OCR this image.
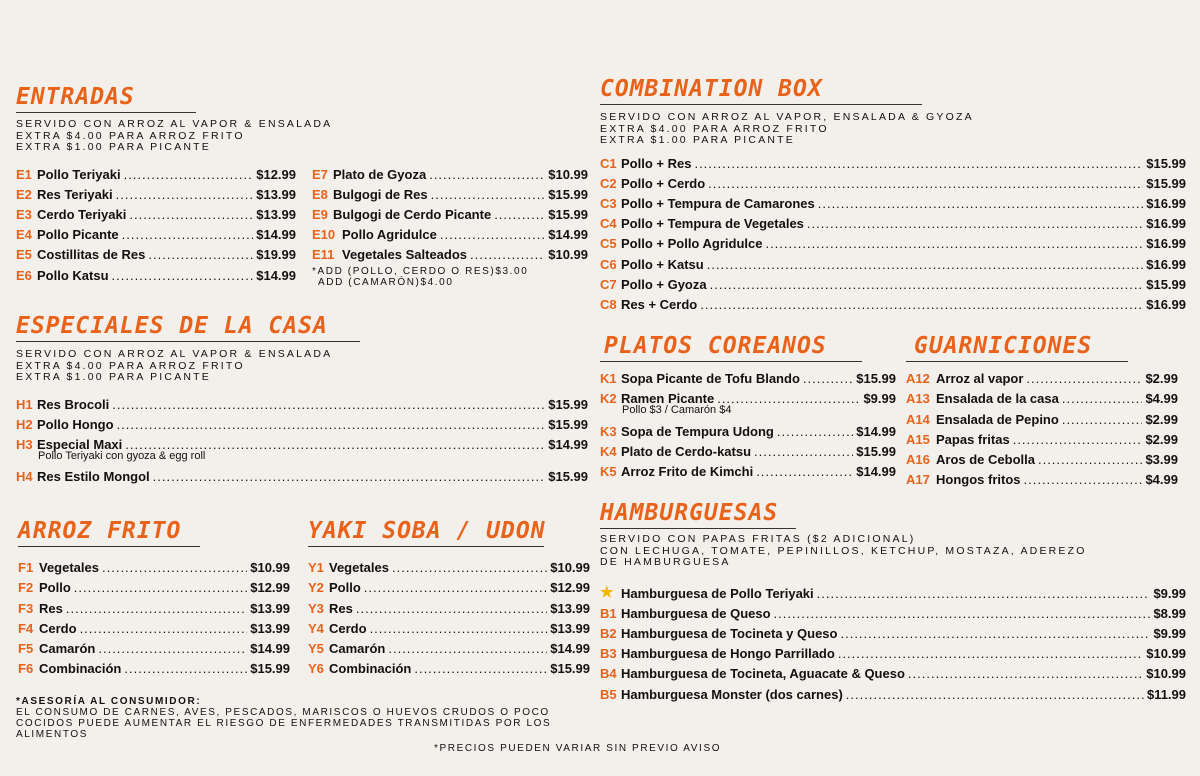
ENTRADAS
SERVIDO CON ARROZ AL VAPOR & ENSALADA
EXTRA $4.00 PARA ARROZ FRITO
EXTRA $1.00 PARA PICANTE
E1 Pollo Teriyaki .....	$12.99
E2 Res Teriyaki .....	$13.99
E3 Cerdo Teriyaki .....	$13.99
E4 Pollo Picante .....	$14.99
E5 Costillitas de Res .....	$19.99
E6 Pollo Katsu .....	$14.99
E7 Plato de Gyoza .....	$10.99
E8 Bulgogi de Res .....	$15.99
E9 Bulgogi de Cerdo Picante .....	$15.99
E10 Pollo Agridulce .....	$14.99
E11 Vegetales Salteados .....	$10.99
*ADD (POLLO, CERDO O RES)$3.00
ADD (CAMARÓN)$4.00
ESPECIALES DE LA CASA
SERVIDO CON ARROZ AL VAPOR & ENSALADA
EXTRA $4.00 PARA ARROZ FRITO
EXTRA $1.00 PARA PICANTE
H1 Res Brocoli .....	$15.99
H2 Pollo Hongo .....	$15.99
H3 Especial Maxi .....	$14.99
Pollo Teriyaki con gyoza & egg roll
H4 Res Estilo Mongol .....	$15.99
ARROZ FRITO
F1 Vegetales .....	$10.99
F2 Pollo .....	$12.99
F3 Res .....	$13.99
F4 Cerdo .....	$13.99
F5 Camarón .....	$14.99
F6 Combinación .....	$15.99
YAKI SOBA / UDON
Y1 Vegetales .....	$10.99
Y2 Pollo .....	$12.99
Y3 Res .....	$13.99
Y4 Cerdo .....	$13.99
Y5 Camarón .....	$14.99
Y6 Combinación .....	$15.99
*ASESORÍA AL CONSUMIDOR:
EL CONSUMO DE CARNES, AVES, PESCADOS, MARISCOS O HUEVOS CRUDOS O POCO COCIDOS PUEDE AUMENTAR EL RIESGO DE ENFERMEDADES TRANSMITIDAS POR LOS ALIMENTOS
*PRECIOS PUEDEN VARIAR SIN PREVIO AVISO
COMBINATION BOX
SERVIDO CON ARROZ AL VAPOR, ENSALADA & GYOZA
EXTRA $4.00 PARA ARROZ FRITO
EXTRA $1.00 PARA PICANTE
C1 Pollo + Res .....	$15.99
C2 Pollo + Cerdo .....	$15.99
C3 Pollo + Tempura de Camarones .....	$16.99
C4 Pollo + Tempura de Vegetales .....	$16.99
C5 Pollo + Pollo Agridulce .....	$16.99
C6 Pollo + Katsu .....	$16.99
C7 Pollo + Gyoza .....	$15.99
C8 Res + Cerdo .....	$16.99
PLATOS COREANOS
K1 Sopa Picante de Tofu Blando .....	$15.99
K2 Ramen Picante .....	$9.99
Pollo $3 / Camarón $4
K3 Sopa de Tempura Udong .....	$14.99
K4 Plato de Cerdo-katsu .....	$15.99
K5 Arroz Frito de Kimchi .....	$14.99
GUARNICIONES
A12 Arroz al vapor .....	$2.99
A13 Ensalada de la casa .....	$4.99
A14 Ensalada de Pepino .....	$2.99
A15 Papas fritas .....	$2.99
A16 Aros de Cebolla .....	$3.99
A17 Hongos fritos .....	$4.99
HAMBURGUESAS
SERVIDO CON PAPAS FRITAS ($2 ADICIONAL)
CON LECHUGA, TOMATE, PEPINILLOS, KETCHUP, MOSTAZA, ADEREZO
DE HAMBURGUESA
★ Hamburguesa de Pollo Teriyaki .....	$9.99
B1 Hamburguesa de Queso .....	$8.99
B2 Hamburguesa de Tocineta y Queso .....	$9.99
B3 Hamburguesa de Hongo Parrillado .....	$10.99
B4 Hamburguesa de Tocineta, Aguacate & Queso .....	$10.99
B5 Hamburguesa Monster (dos carnes) .....	$11.99
